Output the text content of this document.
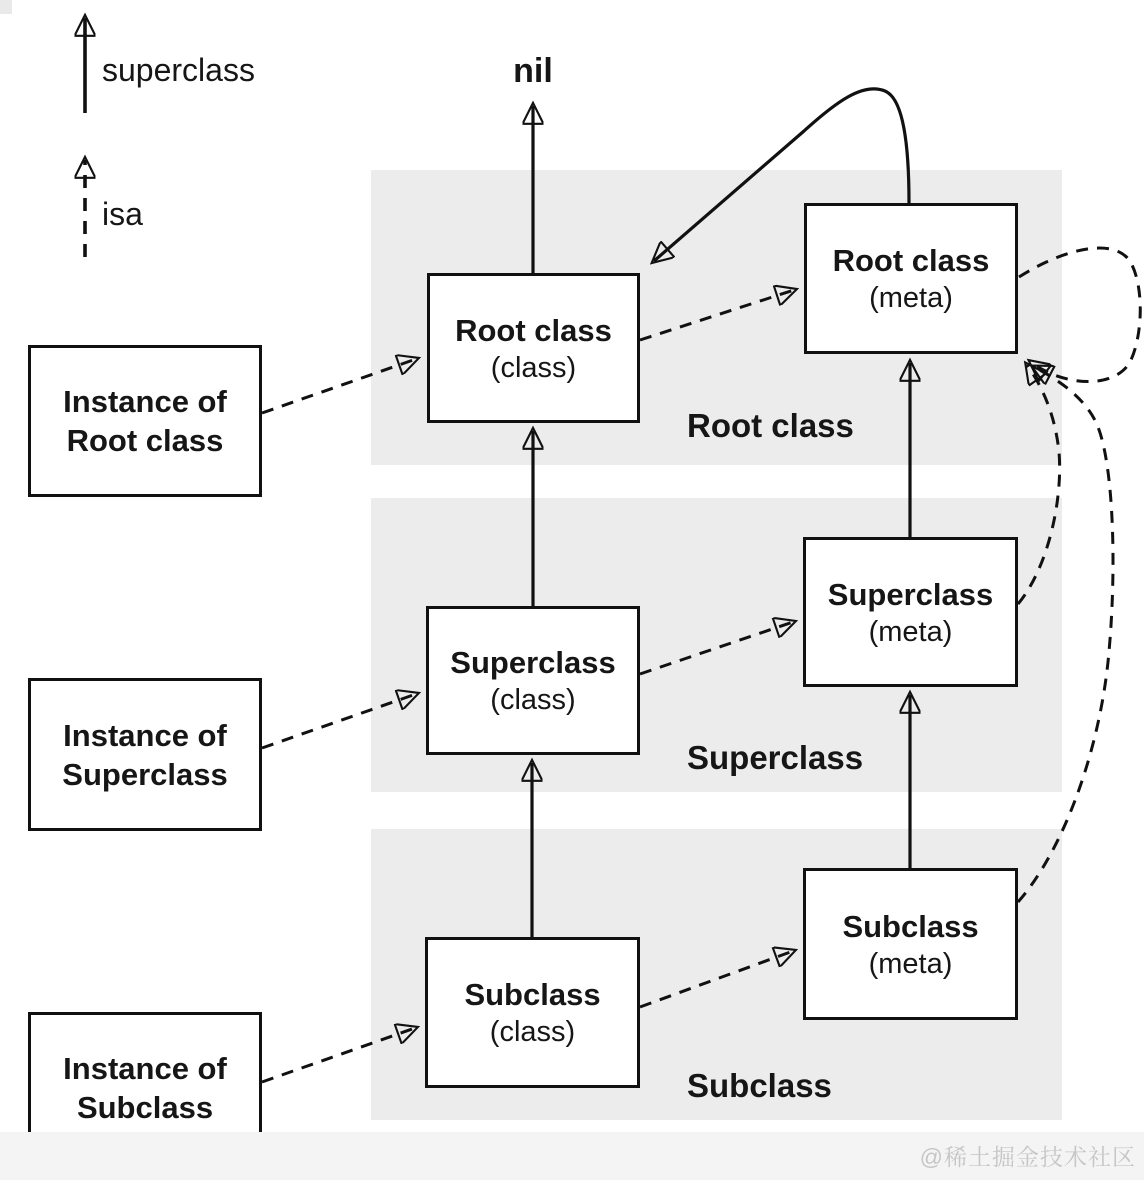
Root class
Superclass
Subclass
nil
superclass
isa
Root class
(class)
Root class
(meta)
Superclass
(class)
Superclass
(meta)
Subclass
(class)
Subclass
(meta)
Instance of
Root class
Instance of
Superclass
Instance of
Subclass
@稀土掘金技术社区
